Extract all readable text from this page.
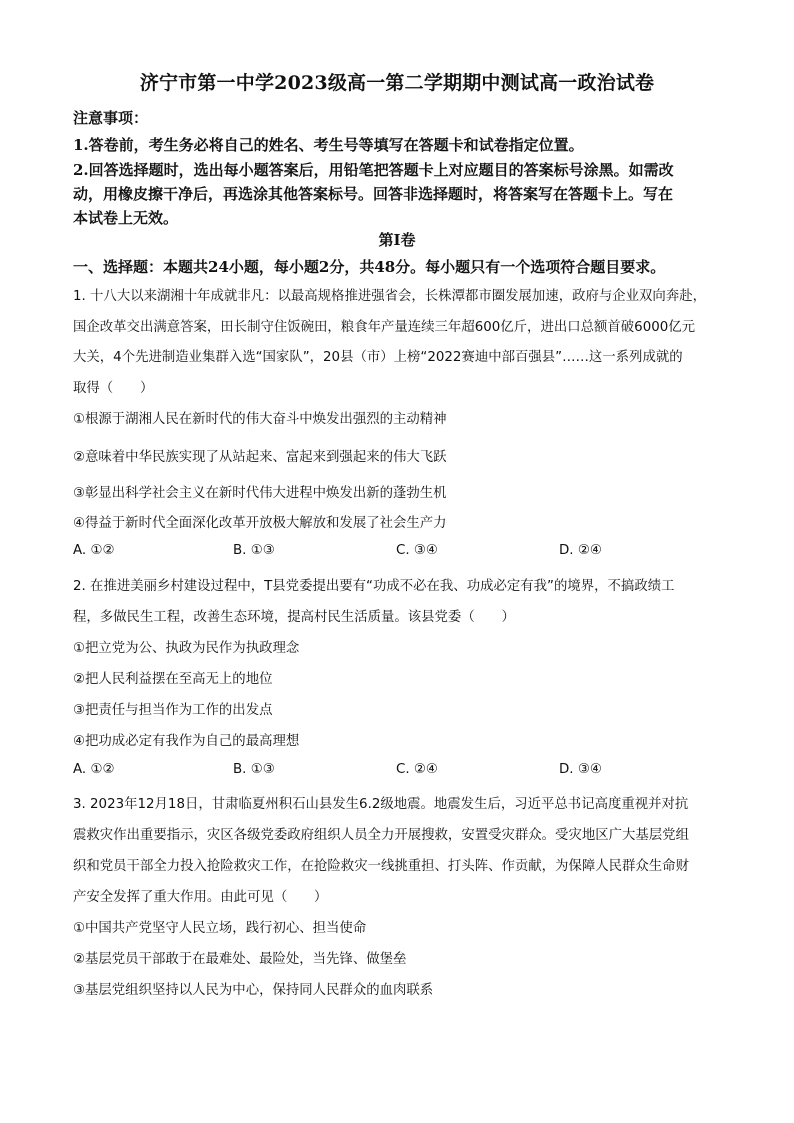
济宁市第一中学2023级高一第二学期期中测试高一政治试卷
注意事项：
1.答卷前，考生务必将自己的姓名、考生号等填写在答题卡和试卷指定位置。
2.回答选择题时，选出每小题答案后，用铅笔把答题卡上对应题目的答案标号涂黑。如需改
动，用橡皮擦干净后，再选涂其他答案标号。回答非选择题时，将答案写在答题卡上。写在
本试卷上无效。
第Ⅰ卷
一、选择题：本题共24小题，每小题2分，共48分。每小题只有一个选项符合题目要求。
1. 十八大以来湖湘十年成就非凡：以最高规格推进强省会，长株潭都市圈发展加速，政府与企业双向奔赴，
国企改革交出满意答案，田长制守住饭碗田，粮食年产量连续三年超600亿斤，进出口总额首破6000亿元
大关，4个先进制造业集群入选“国家队”，20县（市）上榜“2022赛迪中部百强县”……这一系列成就的
取得（　　）
①根源于湖湘人民在新时代的伟大奋斗中焕发出强烈的主动精神
②意味着中华民族实现了从站起来、富起来到强起来的伟大飞跃
③彰显出科学社会主义在新时代伟大进程中焕发出新的蓬勃生机
④得益于新时代全面深化改革开放极大解放和发展了社会生产力
A. ①②	B. ①③	C. ③④	D. ②④
2. 在推进美丽乡村建设过程中，T县党委提出要有“功成不必在我、功成必定有我”的境界，不搞政绩工
程，多做民生工程，改善生态环境，提高村民生活质量。该县党委（　　）
①把立党为公、执政为民作为执政理念
②把人民利益摆在至高无上的地位
③把责任与担当作为工作的出发点
④把功成必定有我作为自己的最高理想
A. ①②	B. ①③	C. ②④	D. ③④
3. 2023年12月18日，甘肃临夏州积石山县发生6.2级地震。地震发生后，习近平总书记高度重视并对抗
震救灾作出重要指示，灾区各级党委政府组织人员全力开展搜救，安置受灾群众。受灾地区广大基层党组
织和党员干部全力投入抢险救灾工作，在抢险救灾一线挑重担、打头阵、作贡献，为保障人民群众生命财
产安全发挥了重大作用。由此可见（　　）
①中国共产党坚守人民立场，践行初心、担当使命
②基层党员干部敢于在最难处、最险处，当先锋、做堡垒
③基层党组织坚持以人民为中心，保持同人民群众的血肉联系
